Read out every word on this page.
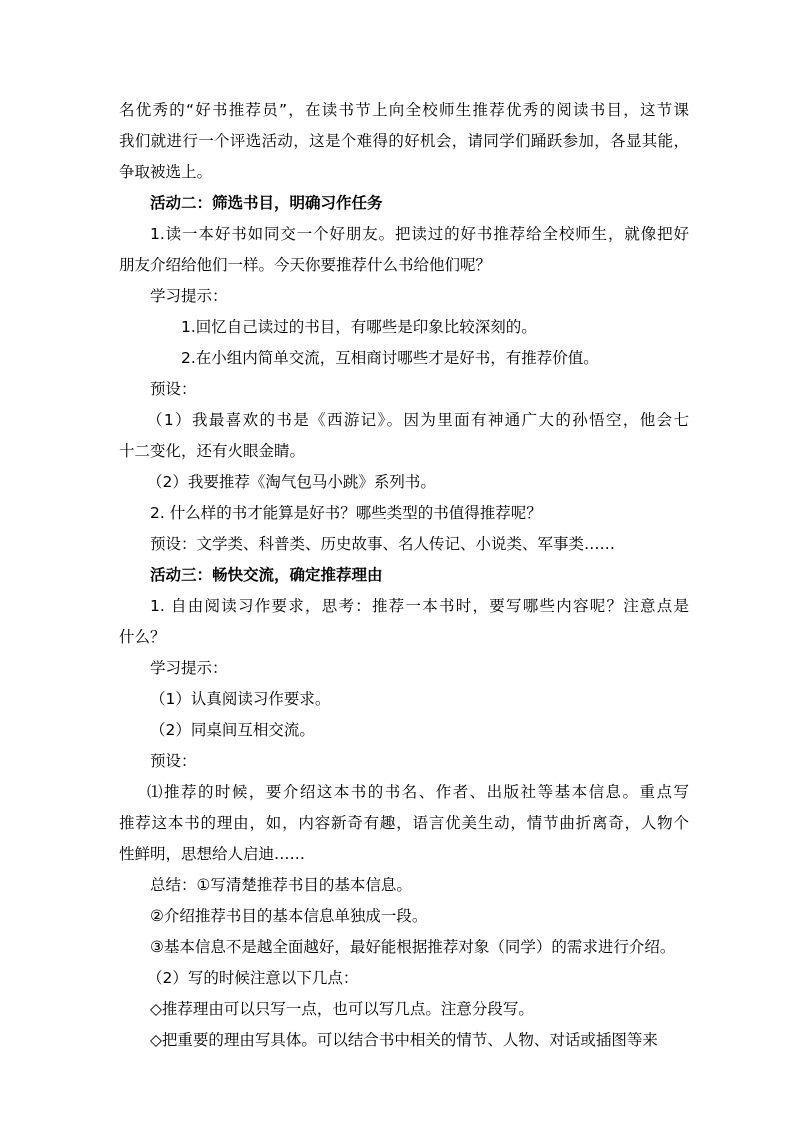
名优秀的“好书推荐员”，在读书节上向全校师生推荐优秀的阅读书目，这节课
我们就进行一个评选活动，这是个难得的好机会，请同学们踊跃参加，各显其能，
争取被选上。
活动二：筛选书目，明确习作任务
1.读一本好书如同交一个好朋友。把读过的好书推荐给全校师生，就像把好
朋友介绍给他们一样。今天你要推荐什么书给他们呢？
学习提示：
1.回忆自己读过的书目，有哪些是印象比较深刻的。
2.在小组内简单交流，互相商讨哪些才是好书，有推荐价值。
预设：
（1）我最喜欢的书是《西游记》。因为里面有神通广大的孙悟空，他会七
十二变化，还有火眼金睛。
（2）我要推荐《淘气包马小跳》系列书。
2. 什么样的书才能算是好书？哪些类型的书值得推荐呢？
预设：文学类、科普类、历史故事、名人传记、小说类、军事类……
活动三：畅快交流，确定推荐理由
1. 自由阅读习作要求，思考：推荐一本书时，要写哪些内容呢？注意点是
什么？
学习提示：
（1）认真阅读习作要求。
（2）同桌间互相交流。
预设：
⑴推荐的时候，要介绍这本书的书名、作者、出版社等基本信息。重点写
推荐这本书的理由，如，内容新奇有趣，语言优美生动，情节曲折离奇，人物个
性鲜明，思想给人启迪……
总结：①写清楚推荐书目的基本信息。
②介绍推荐书目的基本信息单独成一段。
③基本信息不是越全面越好，最好能根据推荐对象（同学）的需求进行介绍。
（2）写的时候注意以下几点：
◇推荐理由可以只写一点，也可以写几点。注意分段写。
◇把重要的理由写具体。可以结合书中相关的情节、人物、对话或插图等来
